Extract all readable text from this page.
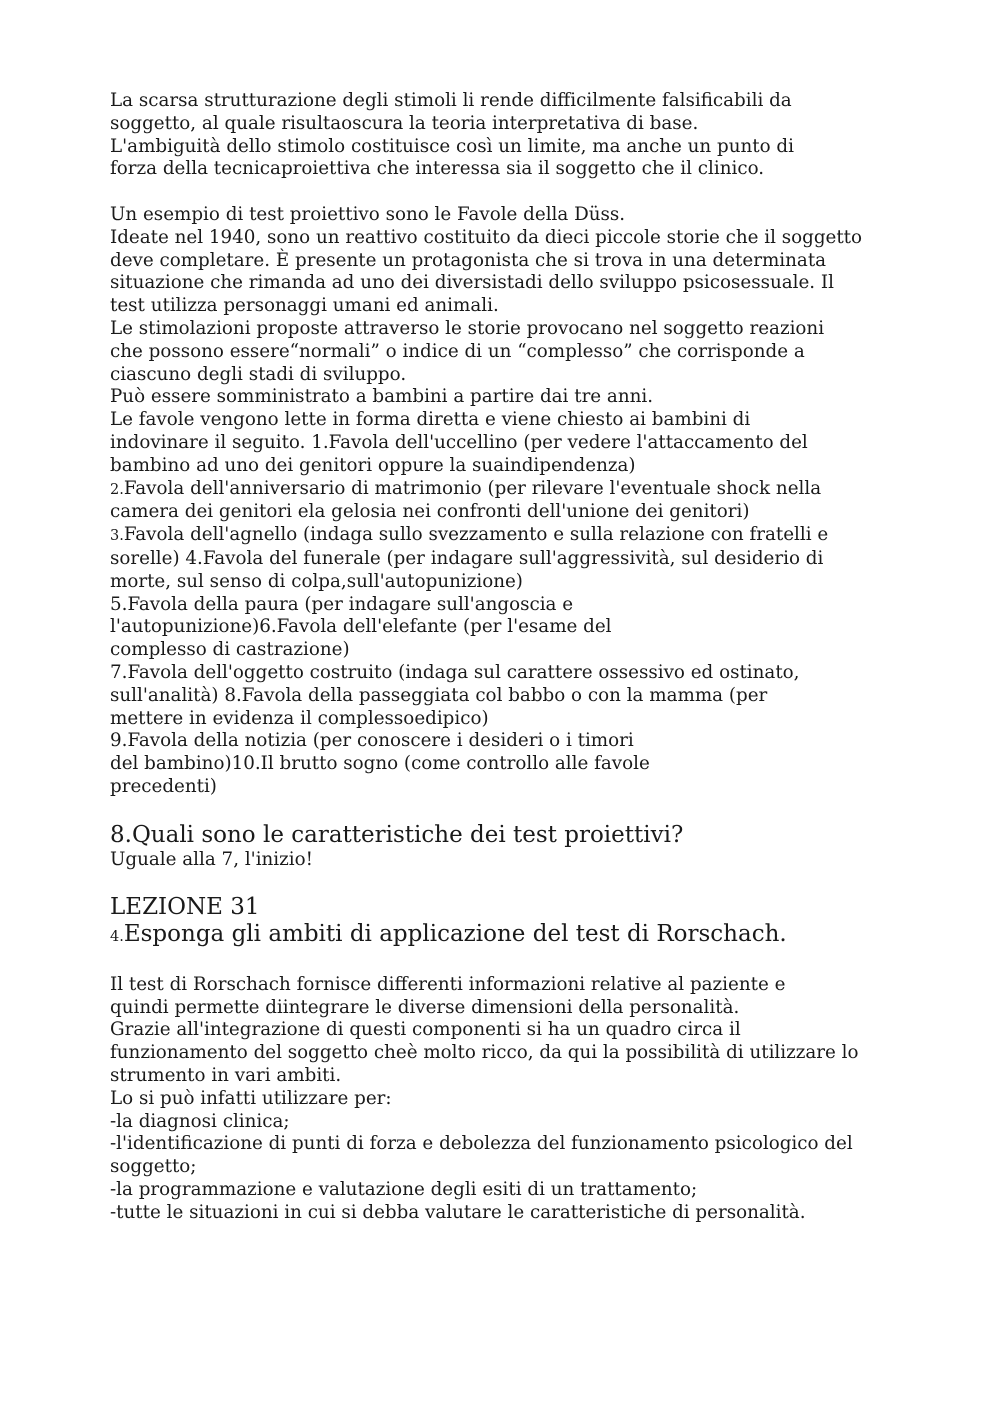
La scarsa strutturazione degli stimoli li rende difficilmente falsificabili da
soggetto, al quale risultaoscura la teoria interpretativa di base.
L'ambiguità dello stimolo costituisce così un limite, ma anche un punto di
forza della tecnicaproiettiva che interessa sia il soggetto che il clinico.
Un esempio di test proiettivo sono le Favole della Düss.
Ideate nel 1940, sono un reattivo costituito da dieci piccole storie che il soggetto
deve completare. È presente un protagonista che si trova in una determinata
situazione che rimanda ad uno dei diversistadi dello sviluppo psicosessuale. Il
test utilizza personaggi umani ed animali.
Le stimolazioni proposte attraverso le storie provocano nel soggetto reazioni
che possono essere“normali” o indice di un “complesso” che corrisponde a
ciascuno degli stadi di sviluppo.
Può essere somministrato a bambini a partire dai tre anni.
Le favole vengono lette in forma diretta e viene chiesto ai bambini di
indovinare il seguito. 1.Favola dell'uccellino (per vedere l'attaccamento del
bambino ad uno dei genitori oppure la suaindipendenza)
2.Favola dell'anniversario di matrimonio (per rilevare l'eventuale shock nella
camera dei genitori ela gelosia nei confronti dell'unione dei genitori)
3.Favola dell'agnello (indaga sullo svezzamento e sulla relazione con fratelli e
sorelle) 4.Favola del funerale (per indagare sull'aggressività, sul desiderio di
morte, sul senso di colpa,sull'autopunizione)
5.Favola della paura (per indagare sull'angoscia e
l'autopunizione)6.Favola dell'elefante (per l'esame del
complesso di castrazione)
7.Favola dell'oggetto costruito (indaga sul carattere ossessivo ed ostinato,
sull'analità) 8.Favola della passeggiata col babbo o con la mamma (per
mettere in evidenza il complessoedipico)
9.Favola della notizia (per conoscere i desideri o i timori
del bambino)10.Il brutto sogno (come controllo alle favole
precedenti)
8.Quali sono le caratteristiche dei test proiettivi?
Uguale alla 7, l'inizio!
LEZIONE 31
4.Esponga gli ambiti di applicazione del test di Rorschach.
Il test di Rorschach fornisce differenti informazioni relative al paziente e
quindi permette diintegrare le diverse dimensioni della personalità.
Grazie all'integrazione di questi componenti si ha un quadro circa il
funzionamento del soggetto cheè molto ricco, da qui la possibilità di utilizzare lo
strumento in vari ambiti.
Lo si può infatti utilizzare per:
-la diagnosi clinica;
-l'identificazione di punti di forza e debolezza del funzionamento psicologico del
soggetto;
-la programmazione e valutazione degli esiti di un trattamento;
-tutte le situazioni in cui si debba valutare le caratteristiche di personalità.
